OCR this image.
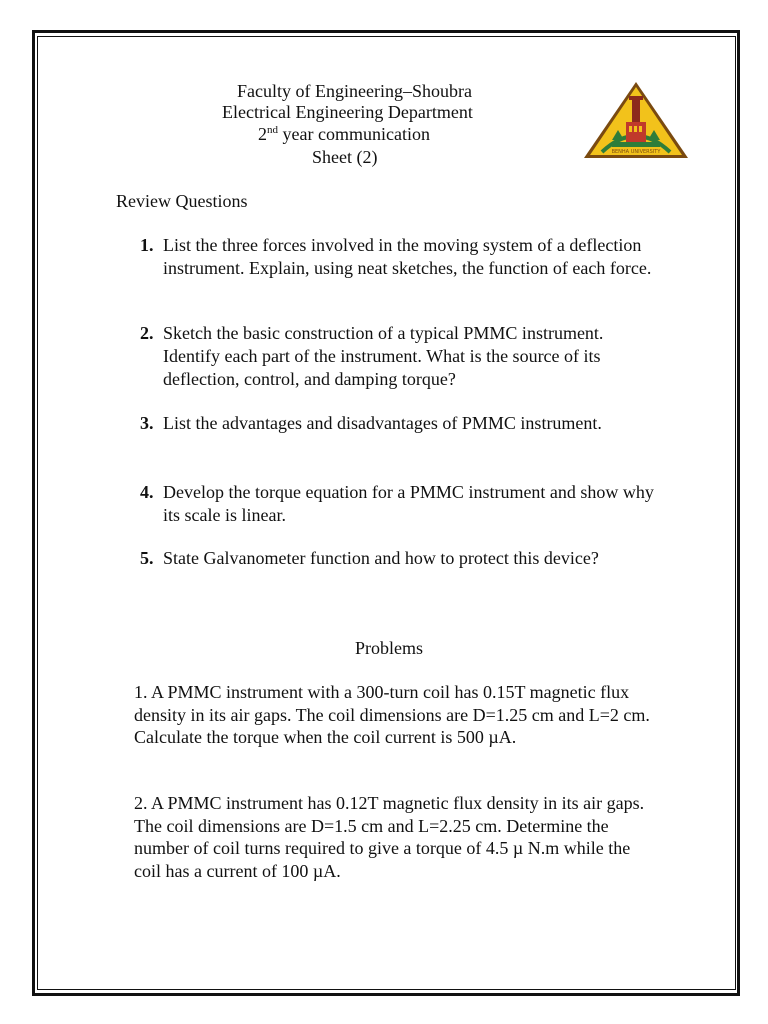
Faculty of Engineering–Shoubra
Electrical Engineering Department
2nd year communication
Sheet (2)	BENHA UNIVERSITY
Review Questions
1. List the three forces involved in the moving system of a deflection instrument. Explain, using neat sketches, the function of each force.
2. Sketch the basic construction of a typical PMMC instrument. Identify each part of the instrument. What is the source of its deflection, control, and damping torque?
3. List the advantages and disadvantages of PMMC instrument.
4. Develop the torque equation for a PMMC instrument and show why its scale is linear.
5. State Galvanometer function and how to protect this device?
Problems
1. A PMMC instrument with a 300-turn coil has 0.15T magnetic flux density in its air gaps. The coil dimensions are D=1.25 cm and L=2 cm. Calculate the torque when the coil current is 500 µA.
2. A PMMC instrument has 0.12T magnetic flux density in its air gaps. The coil dimensions are D=1.5 cm and L=2.25 cm. Determine the number of coil turns required to give a torque of 4.5 µ N.m while the coil has a current of 100 µA.
